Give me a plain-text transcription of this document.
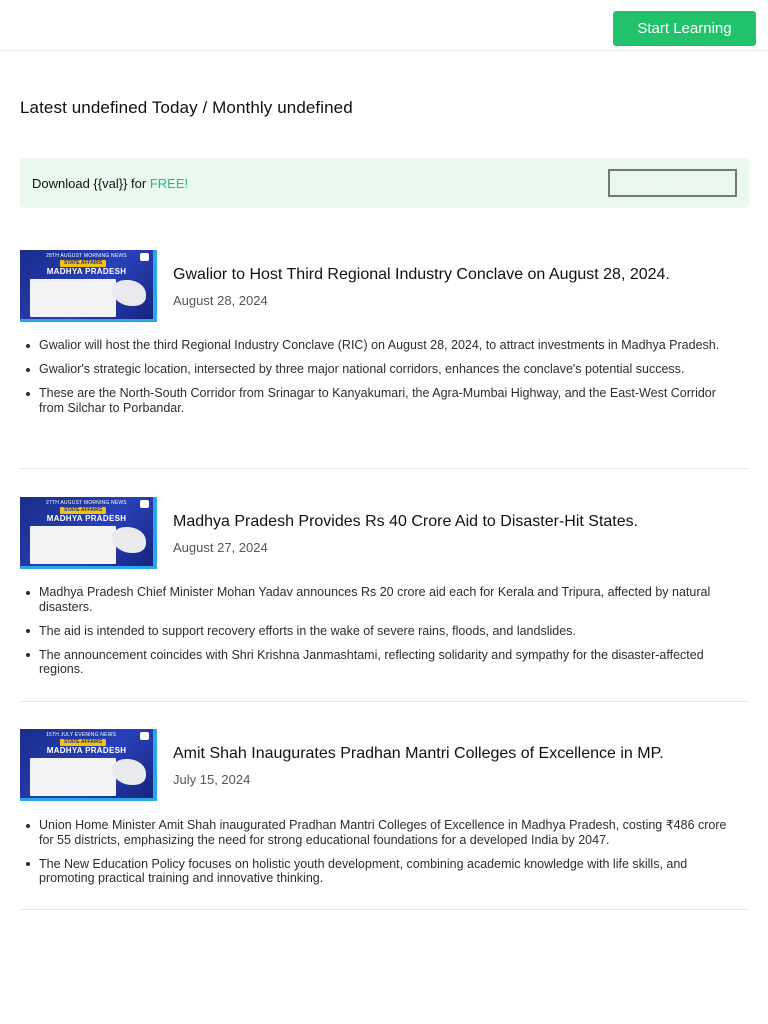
Start Learning
Latest undefined Today / Monthly undefined
Download {{val}} for FREE!	Download News
28TH AUGUST MORNING NEWS
STATE AFFAIRS
MADHYA PRADESH	Gwalior to Host Third Regional Industry Conclave on August 28, 2024.
August 28, 2024
Gwalior will host the third Regional Industry Conclave (RIC) on August 28, 2024, to attract investments in Madhya Pradesh.
Gwalior's strategic location, intersected by three major national corridors, enhances the conclave's potential success.
These are the North-South Corridor from Srinagar to Kanyakumari, the Agra-Mumbai Highway, and the East-West Corridor from Silchar to Porbandar.
27TH AUGUST MORNING NEWS
STATE AFFAIRS
MADHYA PRADESH	Madhya Pradesh Provides Rs 40 Crore Aid to Disaster-Hit States.
August 27, 2024
Madhya Pradesh Chief Minister Mohan Yadav announces Rs 20 crore aid each for Kerala and Tripura, affected by natural disasters.
The aid is intended to support recovery efforts in the wake of severe rains, floods, and landslides.
The announcement coincides with Shri Krishna Janmashtami, reflecting solidarity and sympathy for the disaster-affected regions.
15TH JULY EVENING NEWS
STATE AFFAIRS
MADHYA PRADESH	Amit Shah Inaugurates Pradhan Mantri Colleges of Excellence in MP.
July 15, 2024
Union Home Minister Amit Shah inaugurated Pradhan Mantri Colleges of Excellence in Madhya Pradesh, costing ₹486 crore for 55 districts, emphasizing the need for strong educational foundations for a developed India by 2047.
The New Education Policy focuses on holistic youth development, combining academic knowledge with life skills, and promoting practical training and innovative thinking.
